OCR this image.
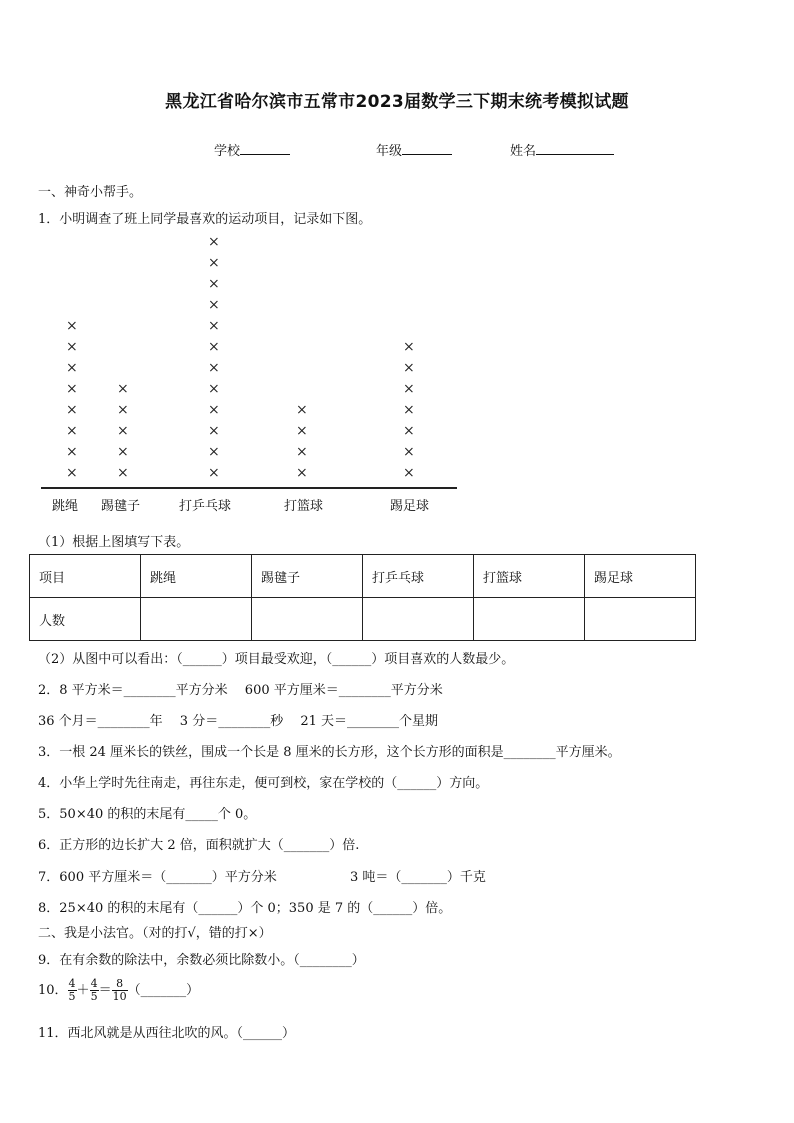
黑龙江省哈尔滨市五常市2023届数学三下期末统考模拟试题
学校	年级	姓名
一、神奇小帮手。
1．小明调查了班上同学最喜欢的运动项目，记录如下图。
×
×
×
×
×
×
×
×
跳绳
×
×
×
×
×
踢毽子
×
×
×
×
×
×
×
×
×
×
×
×
打乒乓球
×
×
×
×
打篮球
×
×
×
×
×
×
×
踢足球
（1）根据上图填写下表。
项目	跳绳	踢毽子	打乒乓球	打篮球	踢足球
人数					
（2）从图中可以看出：（______）项目最受欢迎，（______）项目喜欢的人数最少。
2．8 平方米＝________平方分米　 600 平方厘米＝________平方分米
36 个月＝________年　 3 分＝________秒　 21 天＝________个星期
3．一根 24 厘米长的铁丝，围成一个长是 8 厘米的长方形，这个长方形的面积是________平方厘米。
4．小华上学时先往南走，再往东走，便可到校，家在学校的（______）方向。
5．50×40 的积的末尾有_____个 0。
6．正方形的边长扩大 2 倍，面积就扩大（_______）倍.
7．600 平方厘米＝（_______）平方分米	3 吨＝（_______）千克
8．25×40 的积的末尾有（______）个 0；350 是 7 的（______）倍。
二、我是小法官。（对的打√，错的打×）
9．在有余数的除法中，余数必须比除数小。（________）
10． $\frac{4}{5} + \frac{4}{5} = \frac{8}{10}$ （_______）
11．西北风就是从西往北吹的风。（______）
